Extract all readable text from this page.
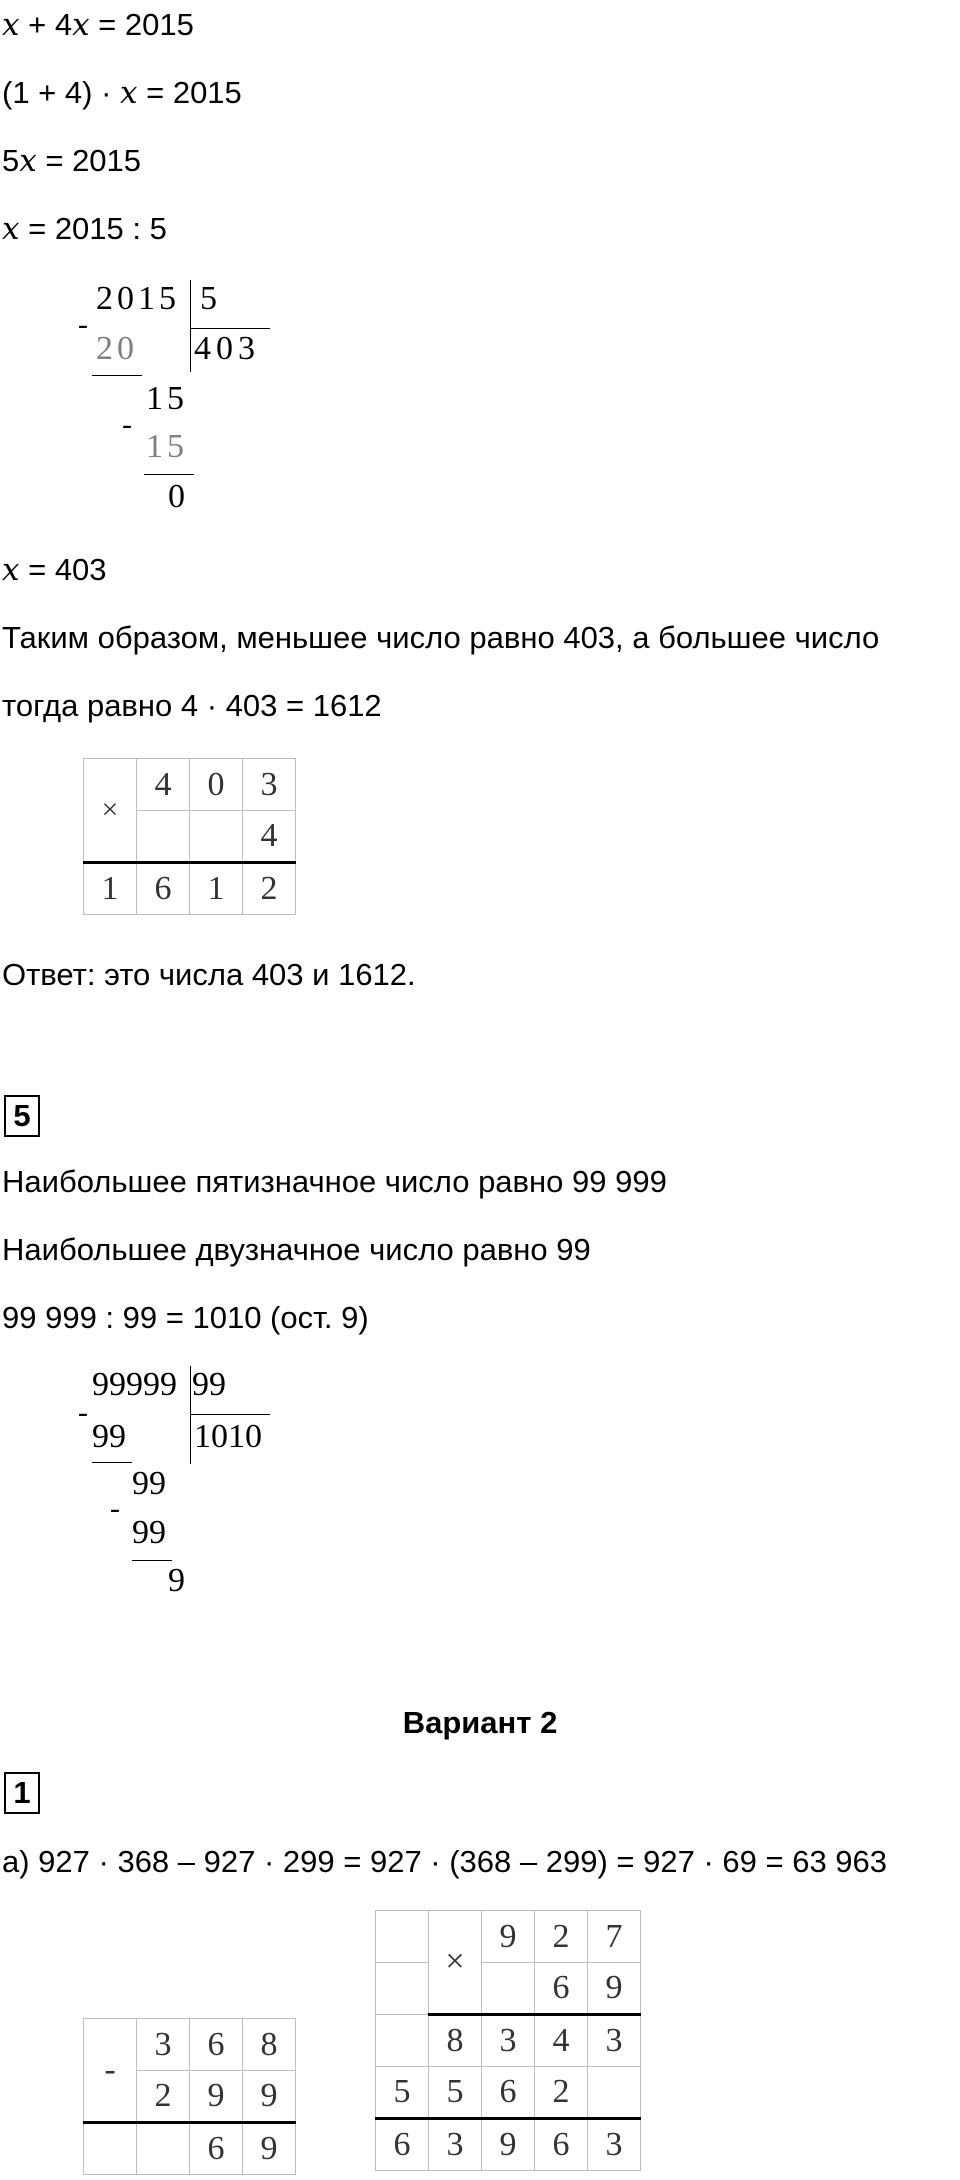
x + 4x = 2015
(1 + 4) · x = 2015
5x = 2015
x = 2015 : 5
2015 5
403
-
20
15
-
15
0
x = 403
Таким образом, меньшее число равно 403, а большее число
тогда равно 4 · 403 = 1612
×	4	0	3
			4
1	6	1	2
Ответ: это числа 403 и 1612.
5
Наибольшее пятизначное число равно 99 999
Наибольшее двузначное число равно 99
99 999 : 99 = 1010 (ост. 9)
99999 99
1010
-
99
99
-
99
9
Вариант 2
1
а) 927 · 368 – 927 · 299 = 927 · (368 – 299) = 927 · 69 = 63 963
-	3	6	8
	2	9	9
		6	9
	×	9	2	7
			6	9
	8	3	4	3
5	5	6	2	
6	3	9	6	3
